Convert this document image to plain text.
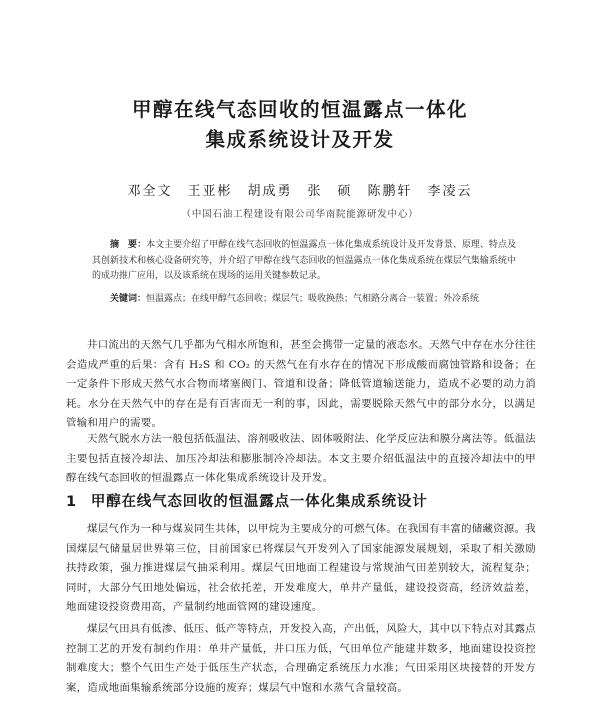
甲醇在线气态回收的恒温露点一体化
集成系统设计及开发
邓全文　王亚彬　胡成勇　张　硕　陈鹏轩　李凌云
（中国石油工程建设有限公司华南院能源研发中心）
摘　要：本文主要介绍了甲醇在线气态回收的恒温露点一体化集成系统设计及开发背景、原理、特点及其创新技术和核心设备研究等，并介绍了甲醇在线气态回收的恒温露点一体化集成系统在煤层气集输系统中的成功推广应用，以及该系统在现场的运用关键参数记录。
关键词：恒温露点；在线甲醇气态回收；煤层气；吸收换热；气相路分离合一装置；外冷系统
井口流出的天然气几乎都为气相水所饱和，甚至会携带一定量的液态水。天然气中存在水分往往会造成严重的后果：含有 H₂S 和 CO₂ 的天然气在有水存在的情况下形成酸而腐蚀管路和设备；在一定条件下形成天然气水合物而堵塞阀门、管道和设备；降低管道输送能力，造成不必要的动力消耗。水分在天然气中的存在是有百害而无一利的事，因此，需要脱除天然气中的部分水分，以满足管输和用户的需要。
天然气脱水方法一般包括低温法、溶剂吸收法、固体吸附法、化学反应法和膜分离法等。低温法主要包括直接冷却法、加压冷却法和膨胀制冷冷却法。本文主要介绍低温法中的直接冷却法中的甲醇在线气态回收的恒温露点一体化集成系统设计及开发。
1 甲醇在线气态回收的恒温露点一体化集成系统设计
煤层气作为一种与煤炭同生共体，以甲烷为主要成分的可燃气体。在我国有丰富的储藏资源。我国煤层气储量居世界第三位，目前国家已将煤层气开发列入了国家能源发展规划，采取了相关激励扶持政策，强力推进煤层气抽采利用。煤层气田地面工程建设与常规油气田差别较大，流程复杂；同时，大部分气田地处偏远，社会依托差，开发难度大，单井产量低，建设投资高，经济效益差，地面建设投资费用高，产量制约地面管网的建设速度。
煤层气田具有低渗、低压、低产等特点，开发投入高，产出低，风险大，其中以下特点对其露点控制工艺的开发有制约作用：单井产量低，井口压力低，气田单位产能建井数多，地面建设投资控制难度大；整个气田生产处于低压生产状态，合理确定系统压力水准；气田采用区块接替的开发方案，造成地面集输系统部分设施的废弃；煤层气中饱和水蒸气含量较高。
